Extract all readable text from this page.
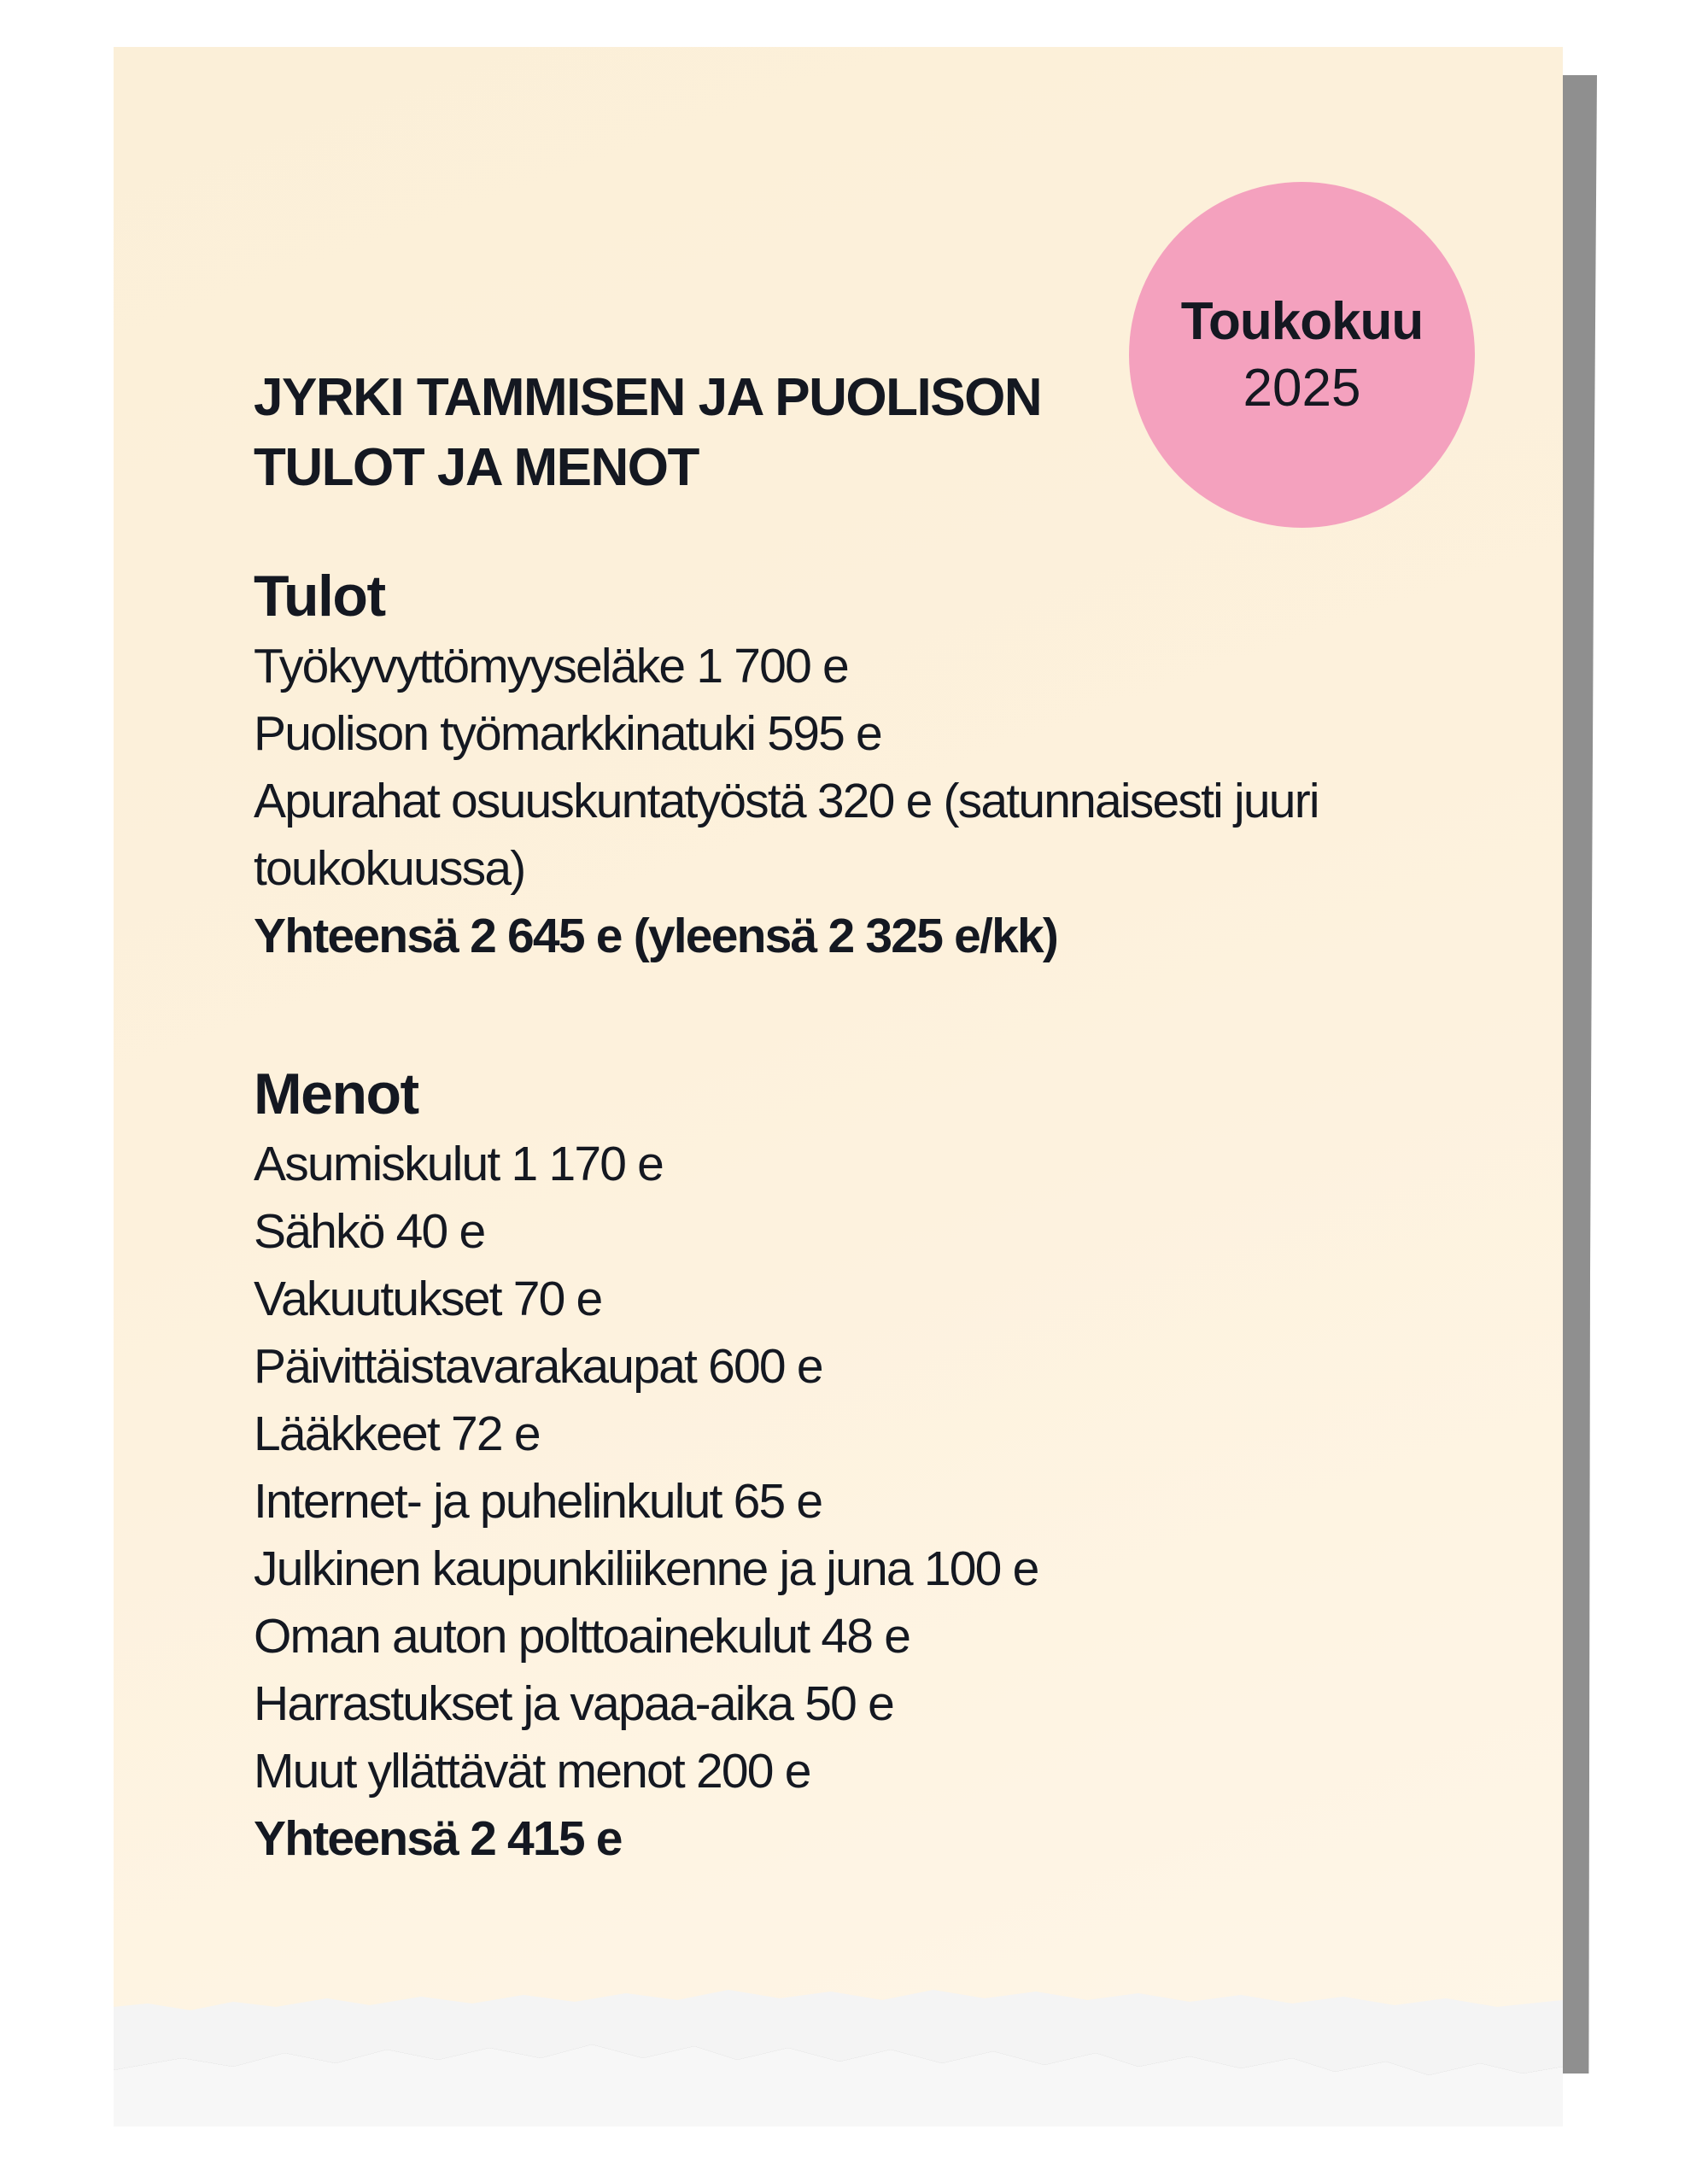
Toukokuu
2025
JYRKI TAMMISEN JA PUOLISON
TULOT JA MENOT
Tulot
Työkyvyttömyyseläke 1 700 e
Puolison työmarkkinatuki 595 e
Apurahat osuuskuntatyöstä 320 e (satunnaisesti juuri toukokuussa)
Yhteensä 2 645 e (yleensä 2 325 e/kk)
Menot
Asumiskulut 1 170 e
Sähkö 40 e
Vakuutukset 70 e
Päivittäistavarakaupat 600 e
Lääkkeet 72 e
Internet- ja puhelinkulut 65 e
Julkinen kaupunkiliikenne ja juna 100 e
Oman auton polttoainekulut 48 e
Harrastukset ja vapaa-aika 50 e
Muut yllättävät menot 200 e
Yhteensä 2 415 e
